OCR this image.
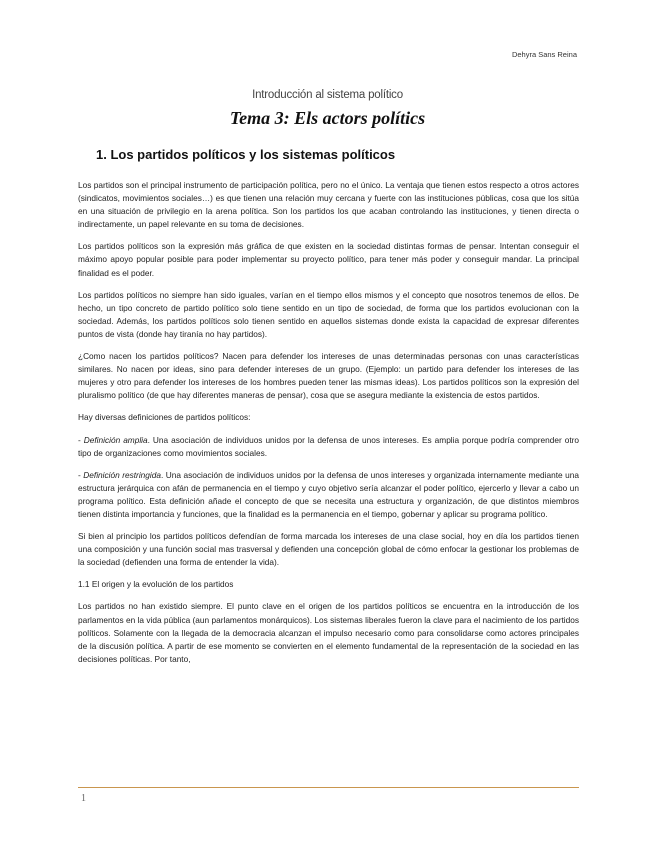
Dehyra Sans Reina
Introducción al sistema político
Tema 3: Els actors polítics
1. Los partidos políticos y los sistemas políticos

Los partidos son el principal instrumento de participación política, pero no el único. La ventaja que tienen estos respecto a otros actores (sindicatos, movimientos sociales…) es que tienen una relación muy cercana y fuerte con las instituciones públicas, cosa que los sitúa en una situación de privilegio en la arena política. Son los partidos los que acaban controlando las instituciones, y tienen directa o indirectamente, un papel relevante en su toma de decisiones.

Los partidos políticos son la expresión más gráfica de que existen en la sociedad distintas formas de pensar. Intentan conseguir el máximo apoyo popular posible para poder implementar su proyecto político, para tener más poder y conseguir mandar. La principal finalidad es el poder.

Los partidos políticos no siempre han sido iguales, varían en el tiempo ellos mismos y el concepto que nosotros tenemos de ellos. De hecho, un tipo concreto de partido político solo tiene sentido en un tipo de sociedad, de forma que los partidos evolucionan con la sociedad. Además, los partidos políticos solo tienen sentido en aquellos sistemas donde exista la capacidad de expresar diferentes puntos de vista (donde hay tiranía no hay partidos).

¿Como nacen los partidos políticos? Nacen para defender los intereses de unas determinadas personas con unas características similares. No nacen por ideas, sino para defender intereses de un grupo. (Ejemplo: un partido para defender los intereses de las mujeres y otro para defender los intereses de los hombres pueden tener las mismas ideas). Los partidos políticos son la expresión del pluralismo político (de que hay diferentes maneras de pensar), cosa que se asegura mediante la existencia de estos partidos.

Hay diversas definiciones de partidos políticos:

- Definición amplia. Una asociación de individuos unidos por la defensa de unos intereses. Es amplia porque podría comprender otro tipo de organizaciones como movimientos sociales.

- Definición restringida. Una asociación de individuos unidos por la defensa de unos intereses y organizada internamente mediante una estructura jerárquica con afán de permanencia en el tiempo y cuyo objetivo sería alcanzar el poder político, ejercerlo y llevar a cabo un programa político. Esta definición añade el concepto de que se necesita una estructura y organización, de que distintos miembros tienen distinta importancia y funciones, que la finalidad es la permanencia en el tiempo, gobernar y aplicar su programa político.

Si bien al principio los partidos políticos defendían de forma marcada los intereses de una clase social, hoy en día los partidos tienen una composición y una función social mas trasversal y defienden una concepción global de cómo enfocar la gestionar los problemas de la sociedad (defienden una forma de entender la vida).

1.1 El origen y la evolución de los partidos

Los partidos no han existido siempre. El punto clave en el origen de los partidos políticos se encuentra en la introducción de los parlamentos en la vida pública (aun parlamentos monárquicos). Los sistemas liberales fueron la clave para el nacimiento de los partidos políticos. Solamente con la llegada de la democracia alcanzan el impulso necesario como para consolidarse como actores principales de la discusión política. A partir de ese momento se convierten en el elemento fundamental de la representación de la sociedad en las decisiones políticas. Por tanto,

1
